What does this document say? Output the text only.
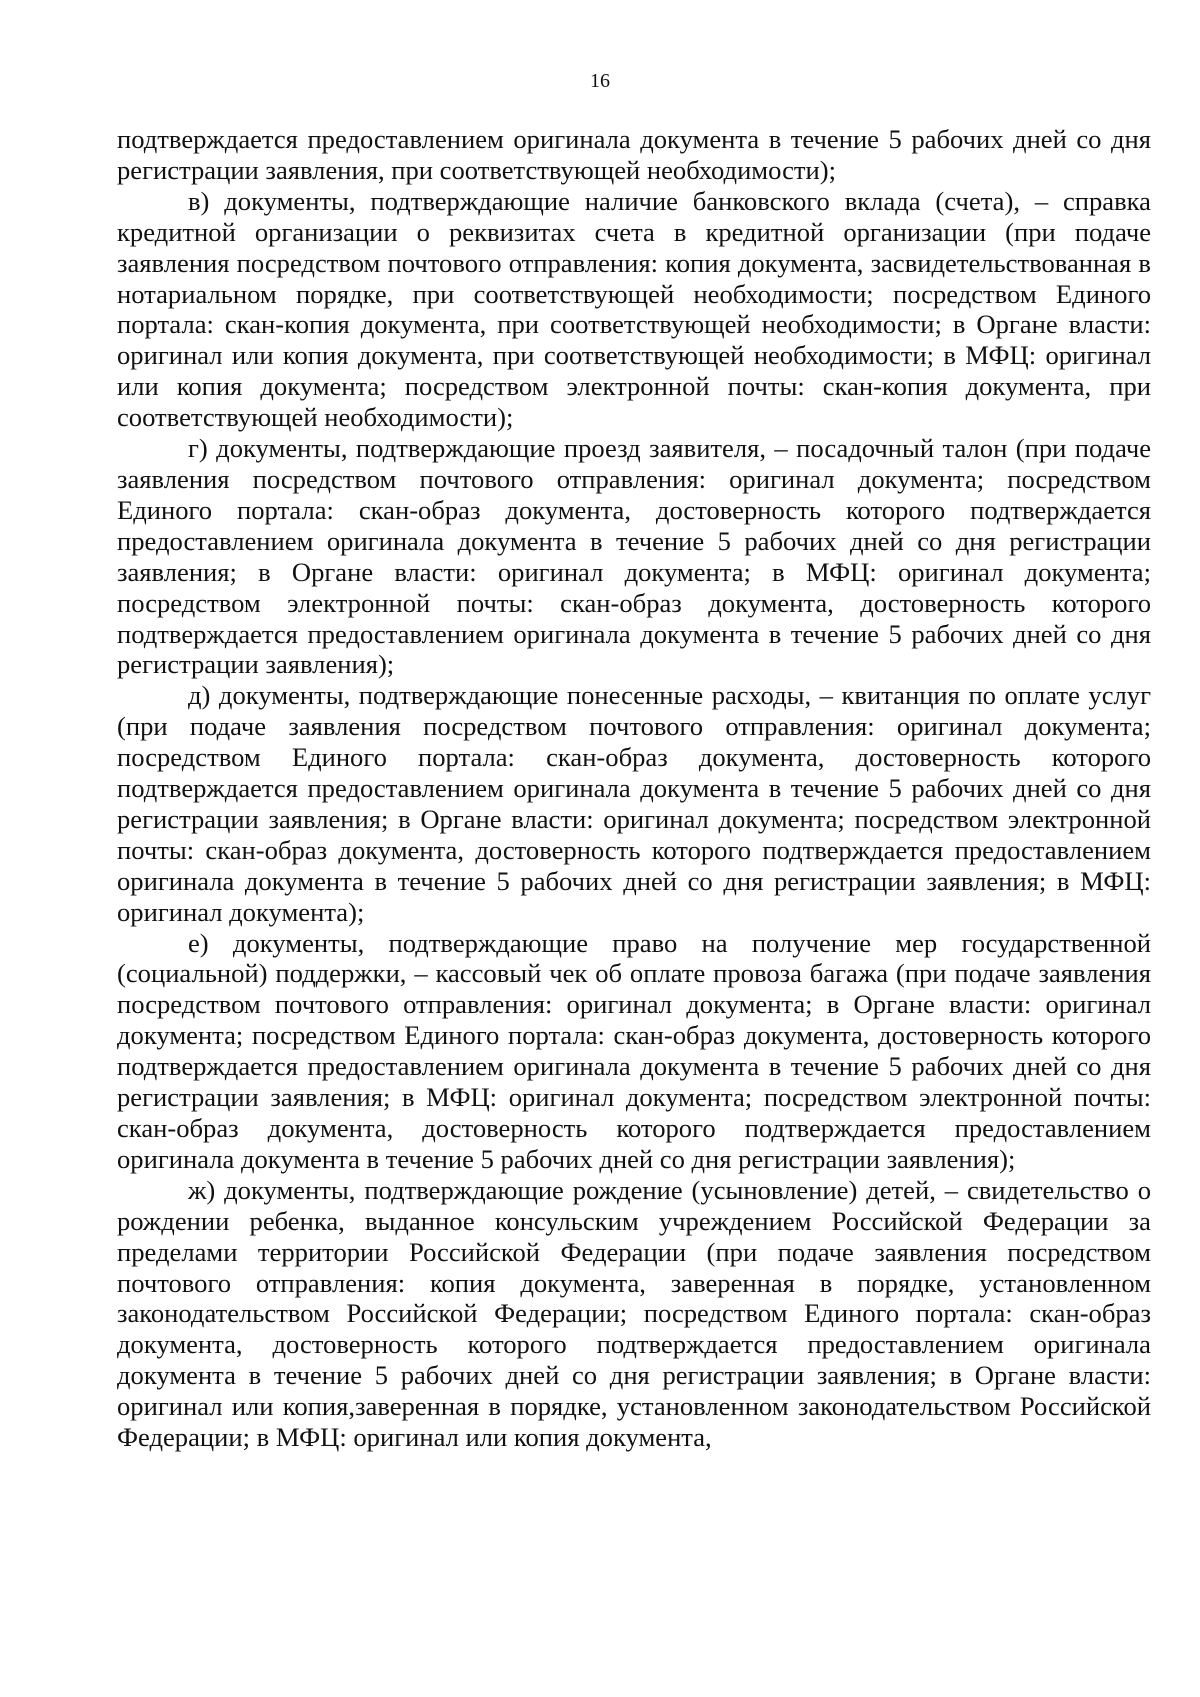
16

подтверждается предоставлением оригинала документа в течение 5 рабочих дней со дня регистрации заявления, при соответствующей необходимости);

в) документы, подтверждающие наличие банковского вклада (счета), – справка кредитной организации о реквизитах счета в кредитной организации (при подаче заявления посредством почтового отправления: копия документа, засвидетельствованная в нотариальном порядке, при соответствующей необходимости; посредством Единого портала: скан-копия документа, при соответствующей необходимости; в Органе власти: оригинал или копия документа, при соответствующей необходимости; в МФЦ: оригинал или копия документа; посредством электронной почты: скан-копия документа, при соответствующей необходимости);

г) документы, подтверждающие проезд заявителя, – посадочный талон (при подаче заявления посредством почтового отправления: оригинал документа; посредством Единого портала: скан-образ документа, достоверность которого подтверждается предоставлением оригинала документа в течение 5 рабочих дней со дня регистрации заявления; в Органе власти: оригинал документа; в МФЦ: оригинал документа; посредством электронной почты: скан-образ документа, достоверность которого подтверждается предоставлением оригинала документа в течение 5 рабочих дней со дня регистрации заявления);

д) документы, подтверждающие понесенные расходы, – квитанция по оплате услуг (при подаче заявления посредством почтового отправления: оригинал документа; посредством Единого портала: скан-образ документа, достоверность которого подтверждается предоставлением оригинала документа в течение 5 рабочих дней со дня регистрации заявления; в Органе власти: оригинал документа; посредством электронной почты: скан-образ документа, достоверность которого подтверждается предоставлением оригинала документа в течение 5 рабочих дней со дня регистрации заявления; в МФЦ: оригинал документа);

е) документы, подтверждающие право на получение мер государственной (социальной) поддержки, – кассовый чек об оплате провоза багажа (при подаче заявления посредством почтового отправления: оригинал документа; в Органе власти: оригинал документа; посредством Единого портала: скан-образ документа, достоверность которого подтверждается предоставлением оригинала документа в течение 5 рабочих дней со дня регистрации заявления; в МФЦ: оригинал документа; посредством электронной почты: скан-образ документа, достоверность которого подтверждается предоставлением оригинала документа в течение 5 рабочих дней со дня регистрации заявления);

ж) документы, подтверждающие рождение (усыновление) детей, – свидетельство о рождении ребенка, выданное консульским учреждением Российской Федерации за пределами территории Российской Федерации (при подаче заявления посредством почтового отправления: копия документа, заверенная в порядке, установленном законодательством Российской Федерации; посредством Единого портала: скан-образ документа, достоверность которого подтверждается предоставлением оригинала документа в течение 5 рабочих дней со дня регистрации заявления; в Органе власти: оригинал или копия,заверенная в порядке, установленном законодательством Российской Федерации; в МФЦ: оригинал или копия документа,
